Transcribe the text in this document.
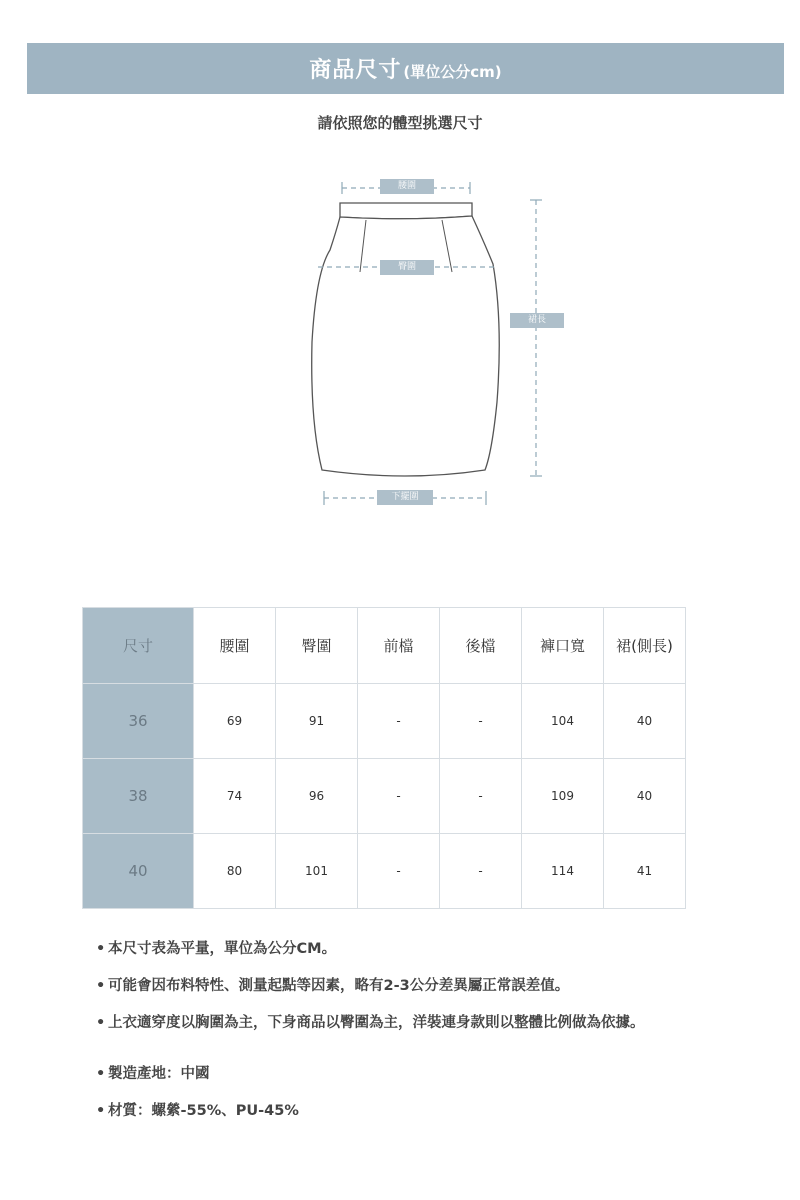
商品尺寸 (單位公分cm)
請依照您的體型挑選尺寸
腰圍
臀圍
裙長
下擺圍
尺寸	腰圍	臀圍	前檔	後檔	褲口寬	裙(側長)
36	69	91	-	-	104	40
38	74	96	-	-	109	40
40	80	101	-	-	114	41
• 本尺寸表為平量，單位為公分CM。
• 可能會因布料特性、測量起點等因素，略有2-3公分差異屬正常誤差值。
• 上衣適穿度以胸圍為主，下身商品以臀圍為主，洋裝連身款則以整體比例做為依據。
• 製造產地：中國
• 材質：螺縈-55%、PU-45%
